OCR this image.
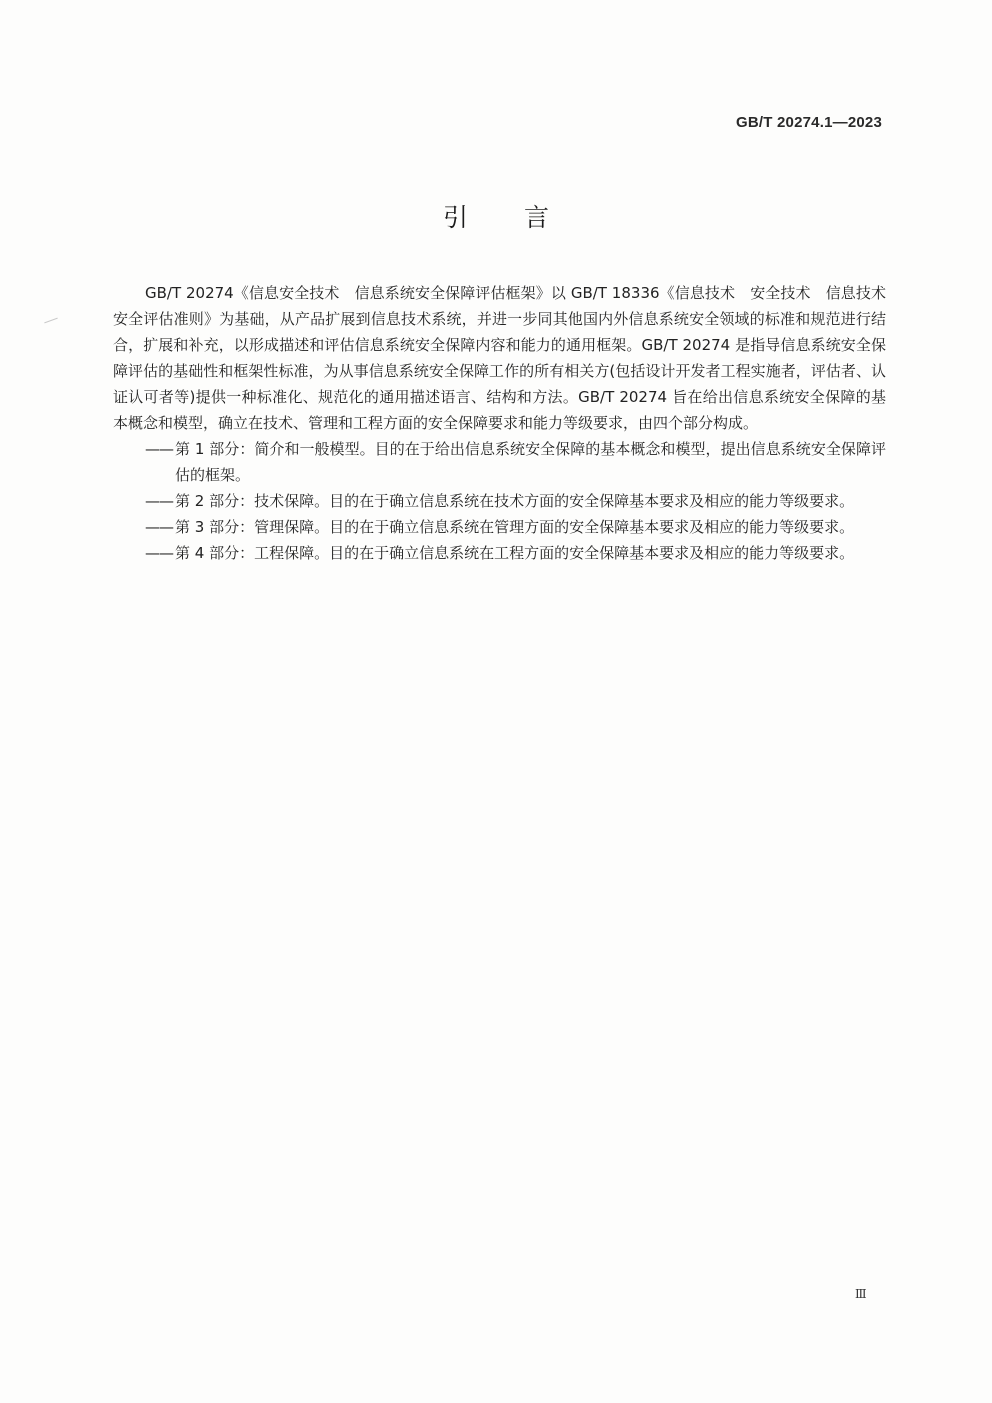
GB/T 20274.1—2023
引言

GB/T 20274《信息安全技术　信息系统安全保障评估框架》以 GB/T 18336《信息技术　安全技术　信息技术安全评估准则》为基础，从产品扩展到信息技术系统，并进一步同其他国内外信息系统安全领域的标准和规范进行结合，扩展和补充，以形成描述和评估信息系统安全保障内容和能力的通用框架。GB/T 20274 是指导信息系统安全保障评估的基础性和框架性标准，为从事信息系统安全保障工作的所有相关方(包括设计开发者工程实施者，评估者、认证认可者等)提供一种标准化、规范化的通用描述语言、结构和方法。GB/T 20274 旨在给出信息系统安全保障的基本概念和模型，确立在技术、管理和工程方面的安全保障要求和能力等级要求，由四个部分构成。

—— 第 1 部分：简介和一般模型。目的在于给出信息系统安全保障的基本概念和模型，提出信息系统安全保障评估的框架。
—— 第 2 部分：技术保障。目的在于确立信息系统在技术方面的安全保障基本要求及相应的能力等级要求。
—— 第 3 部分：管理保障。目的在于确立信息系统在管理方面的安全保障基本要求及相应的能力等级要求。
—— 第 4 部分：工程保障。目的在于确立信息系统在工程方面的安全保障基本要求及相应的能力等级要求。
Ⅲ
